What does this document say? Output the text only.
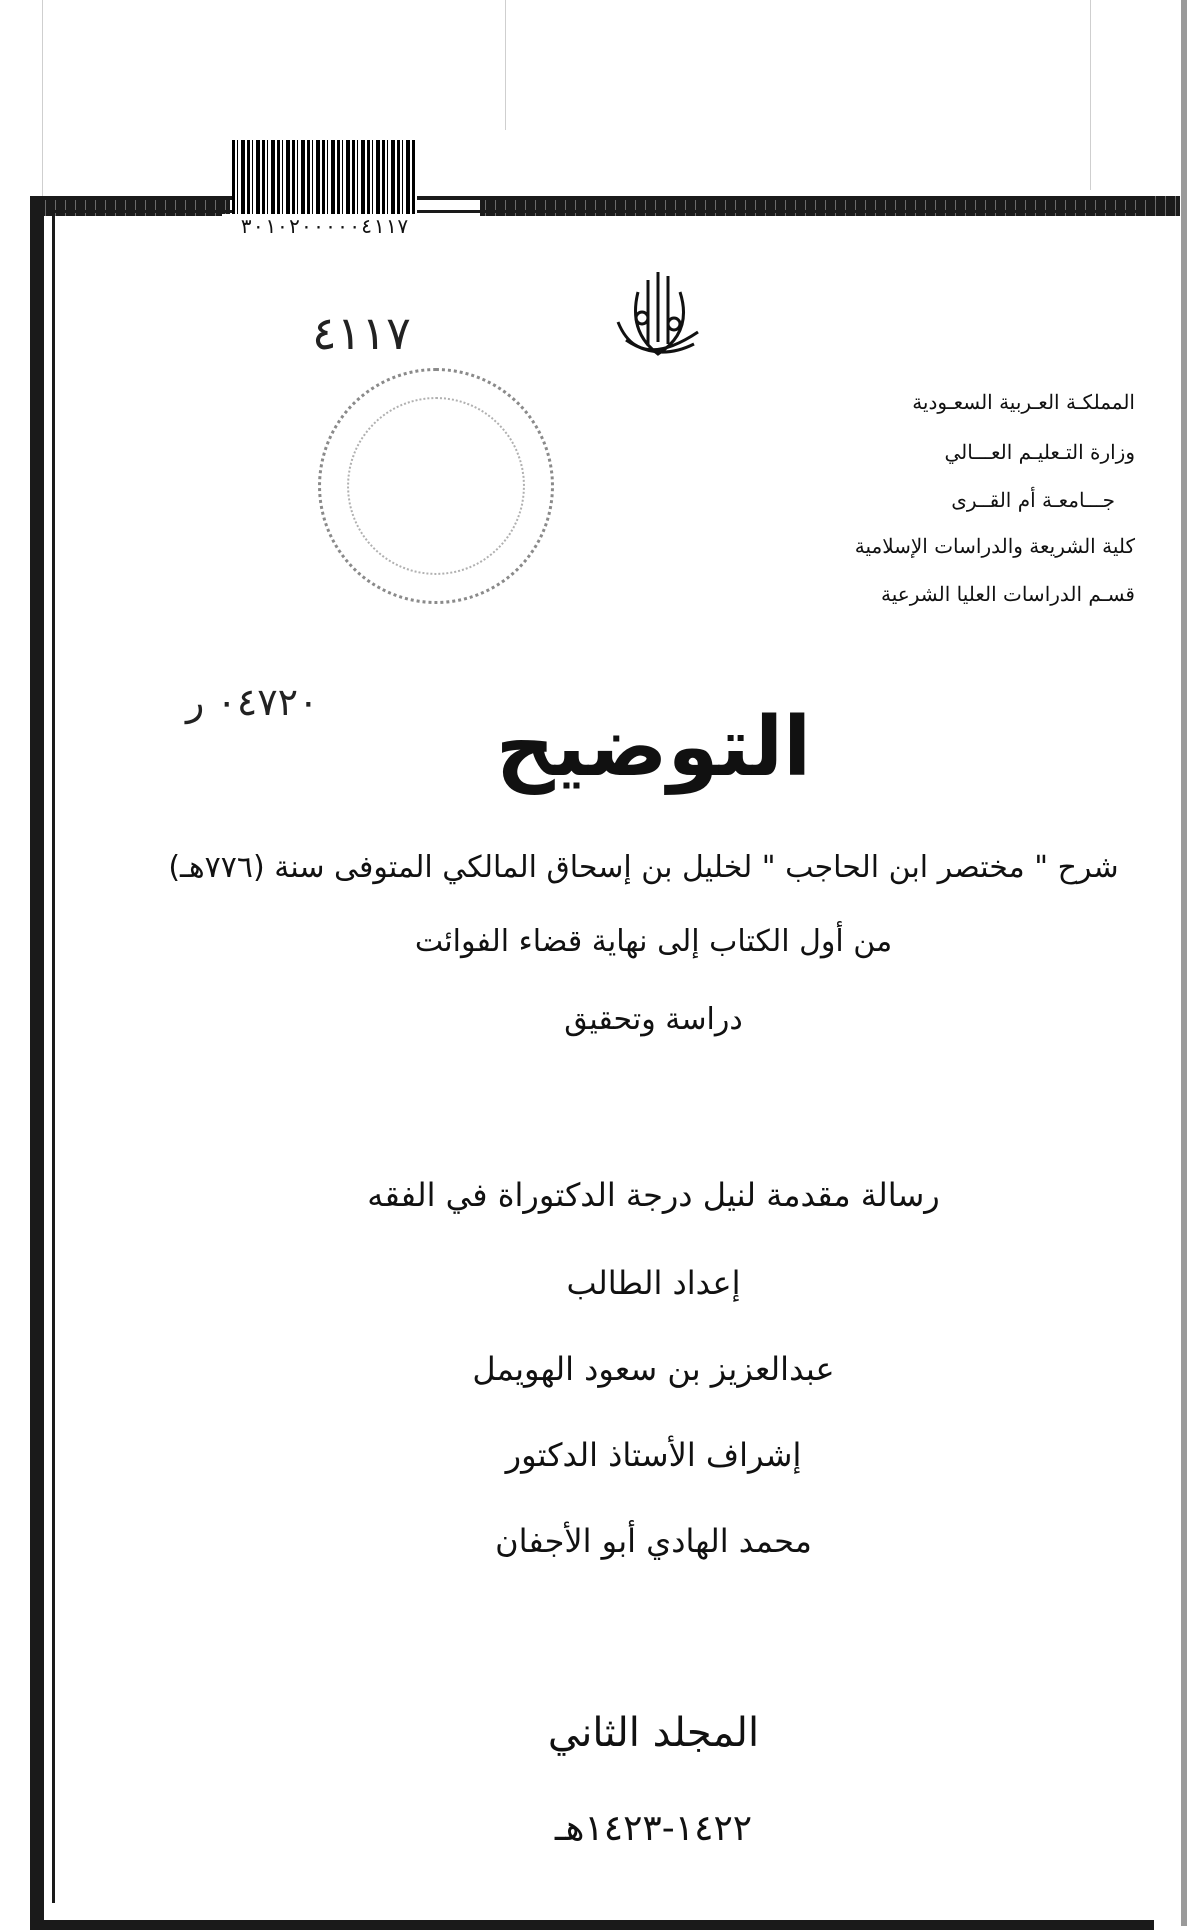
٣٠١٠٢٠٠٠٠٠٤١١٧
٤١١٧
٠٤٧٢٠ ر
المملكـة العـربية السعـودية
وزارة التـعليـم العـــالي
جـــامعـة أم القــرى
كلية الشريعة والدراسات الإسلامية
قسـم الدراسات العليا الشرعية
التوضيح
شرح " مختصر ابن الحاجب " لخليل بن إسحاق المالكي المتوفى سنة (٧٧٦هـ)
من أول الكتاب إلى نهاية قضاء الفوائت
دراسة وتحقيق
رسالة مقدمة لنيل درجة الدكتوراة في الفقه
إعداد الطالب
عبدالعزيز بن سعود الهويمل
إشراف الأستاذ الدكتور
محمد الهادي أبو الأجفان
المجلد الثاني
١٤٢٢-١٤٢٣هـ
